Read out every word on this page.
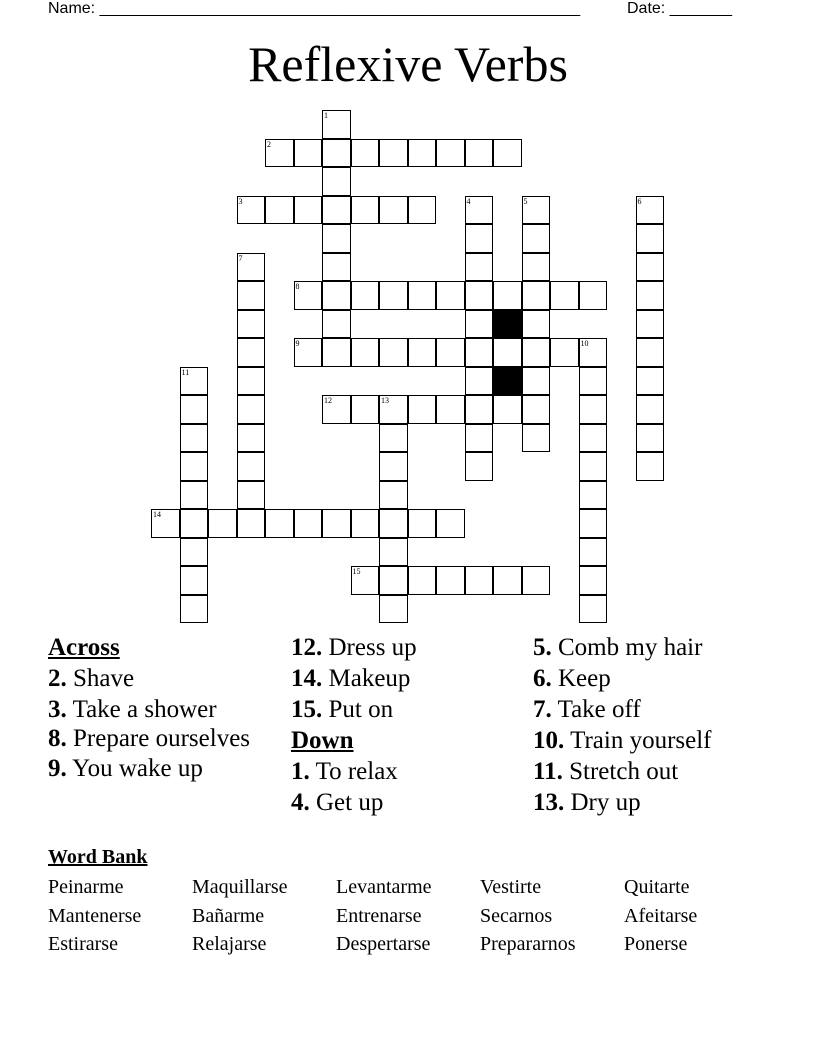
Name: ______________________________________________________	Date: _______
Reflexive Verbs
2
3
8
9	10
12	13
14
15
1
4	5	6
7
11
Across
2. Shave
3. Take a shower
8. Prepare ourselves
9. You wake up
12. Dress up
14. Makeup
15. Put on
Down
1. To relax
4. Get up
5. Comb my hair
6. Keep
7. Take off
10. Train yourself
11. Stretch out
13. Dry up
Word Bank
Peinarme	Maquillarse Levantarme Vestirte	Quitarte
Mantenerse	Bañarme	Entrenarse	Secarnos	Afeitarse
Estirarse	Relajarse	Despertarse Prepararnos Ponerse
